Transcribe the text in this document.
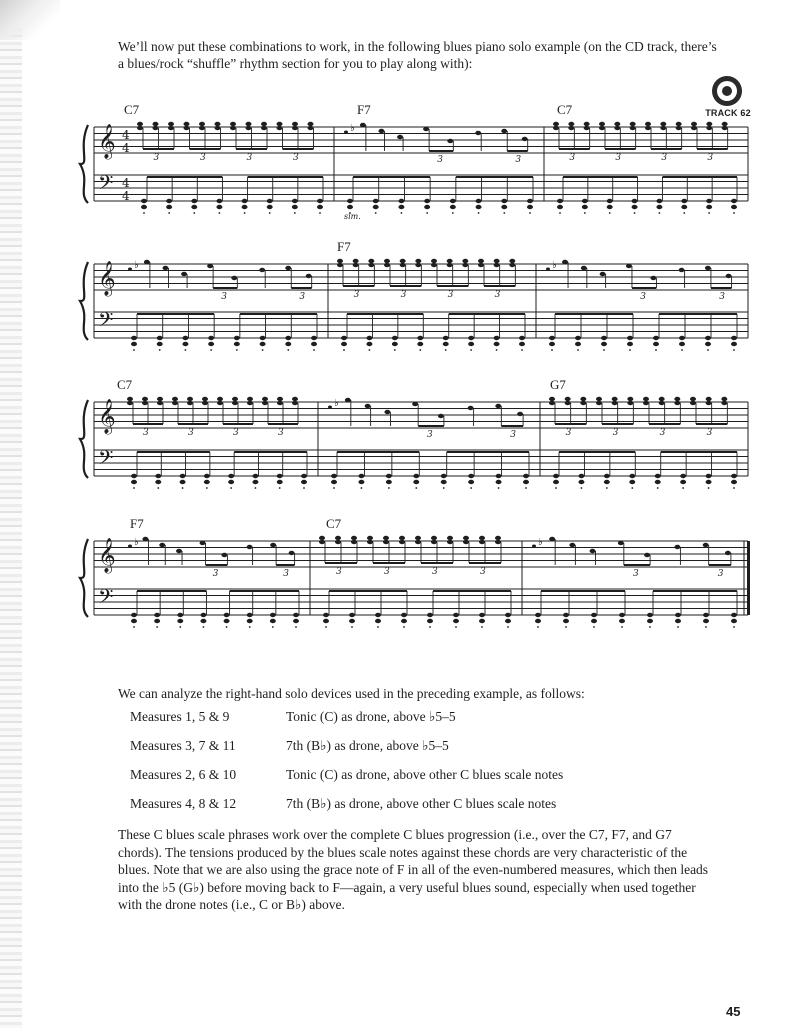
We’ll now put these combinations to work, in the following blues piano solo example (on the CD track, there’s a blues/rock “shuffle” rhythm section for you to play along with):

TRACK 62

C7	F7	C7

F7

C7	G7

F7	C7

𝄞
𝄢
4
4
4
4
3	3	3	3
♭
3	3
sim.
3	3	3	3
𝄞
𝄢
♭
3	3	3	3	3	3
♭
3	3
𝄞
𝄢
3	3	3	3
♭
3	3	3	3	3	3
𝄞
𝄢
♭
3	3	3	3	3	3
♭
3	3

We can analyze the right-hand solo devices used in the preceding example, as follows:

Measures 1, 5 & 9	Tonic (C) as drone, above ♭5–5
Measures 3, 7 & 11	7th (B♭) as drone, above ♭5–5
Measures 2, 6 & 10	Tonic (C) as drone, above other C blues scale notes
Measures 4, 8 & 12	7th (B♭) as drone, above other C blues scale notes

These C blues scale phrases work over the complete C blues progression (i.e., over the C7, F7, and G7 chords). The tensions produced by the blues scale notes against these chords are very characteristic of the blues. Note that we are also using the grace note of F in all of the even-numbered measures, which then leads into the ♭5 (G♭) before moving back to F—again, a very useful blues sound, especially when used together with the drone notes (i.e., C or B♭) above.

45
